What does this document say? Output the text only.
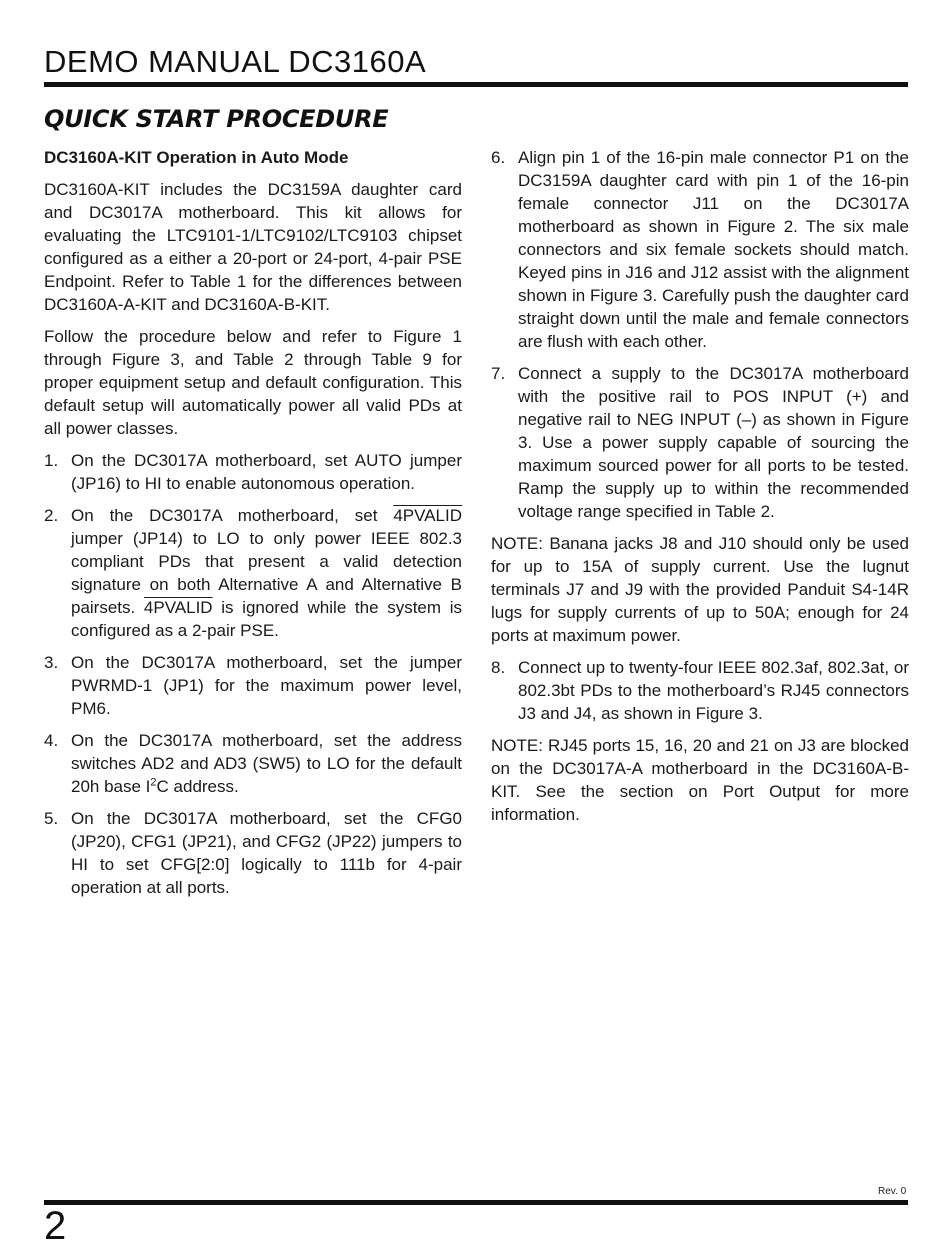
DEMO MANUAL DC3160A
QUICK START PROCEDURE
DC3160A-KIT Operation in Auto Mode

DC3160A-KIT includes the DC3159A daughter card and DC3017A motherboard. This kit allows for evaluating the LTC9101-1/LTC9102/LTC9103 chipset configured as a either a 20-port or 24-port, 4-pair PSE Endpoint. Refer to Table 1 for the differences between DC3160A-A-KIT and DC3160A-B-KIT.

Follow the procedure below and refer to Figure 1 through Figure 3, and Table 2 through Table 9 for proper equipment setup and default configuration. This default setup will automatically power all valid PDs at all power classes.

1. On the DC3017A motherboard, set AUTO jumper (JP16) to HI to enable autonomous operation.
2. On the DC3017A motherboard, set 4PVALID jumper (JP14) to LO to only power IEEE 802.3 compliant PDs that present a valid detection signature on both Alternative A and Alternative B pairsets. 4PVALID is ignored while the system is configured as a 2-pair PSE.
3. On the DC3017A motherboard, set the jumper PWRMD-1 (JP1) for the maximum power level, PM6.
4. On the DC3017A motherboard, set the address switches AD2 and AD3 (SW5) to LO for the default 20h base $I^2C$ address.
5. On the DC3017A motherboard, set the CFG0 (JP20), CFG1 (JP21), and CFG2 (JP22) jumpers to HI to set CFG[2:0] logically to 111b for 4-pair operation at all ports.
6. Align pin 1 of the 16-pin male connector P1 on the DC3159A daughter card with pin 1 of the 16-pin female connector J11 on the DC3017A motherboard as shown in Figure 2. The six male connectors and six female sockets should match. Keyed pins in J16 and J12 assist with the alignment shown in Figure 3. Carefully push the daughter card straight down until the male and female connectors are flush with each other.
7. Connect a supply to the DC3017A motherboard with the positive rail to POS INPUT (+) and negative rail to NEG INPUT (–) as shown in Figure 3. Use a power supply capable of sourcing the maximum sourced power for all ports to be tested. Ramp the supply up to within the recommended voltage range specified in Table 2.

NOTE: Banana jacks J8 and J10 should only be used for up to 15A of supply current. Use the lugnut terminals J7 and J9 with the provided Panduit S4-14R lugs for supply currents of up to 50A; enough for 24 ports at maximum power.

8. Connect up to twenty-four IEEE 802.3af, 802.3at, or 802.3bt PDs to the motherboard’s RJ45 connectors J3 and J4, as shown in Figure 3.

NOTE: RJ45 ports 15, 16, 20 and 21 on J3 are blocked on the DC3017A-A motherboard in the DC3160A-B-KIT. See the section on Port Output for more information.

Rev. 0
2
